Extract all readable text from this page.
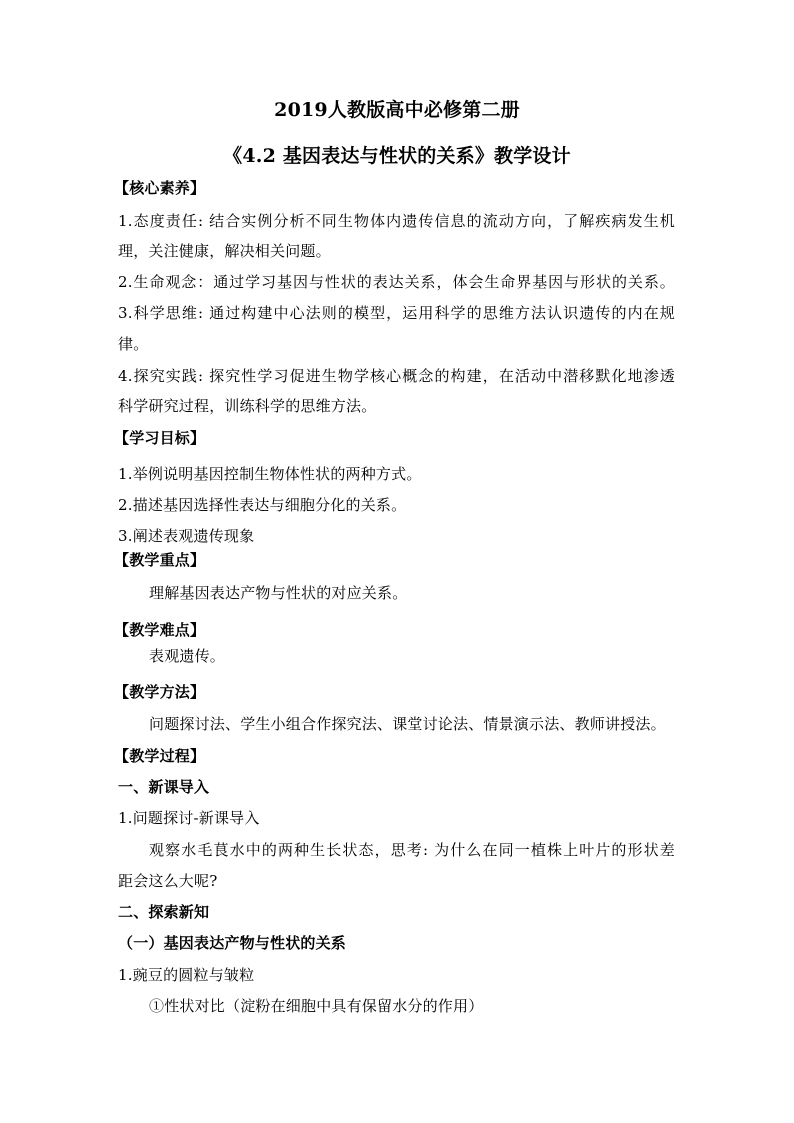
2019人教版高中必修第二册
《4.2 基因表达与性状的关系》教学设计
【核心素养】
1.态度责任: 结合实例分析不同生物体内遗传信息的流动方向，了解疾病发生机
理，关注健康，解决相关问题。
2.生命观念：通过学习基因与性状的表达关系，体会生命界基因与形状的关系。
3.科学思维: 通过构建中心法则的模型，运用科学的思维方法认识遗传的内在规
律。
4.探究实践: 探究性学习促进生物学核心概念的构建，在活动中潜移默化地渗透
科学研究过程，训练科学的思维方法。
【学习目标】
1.举例说明基因控制生物体性状的两种方式。
2.描述基因选择性表达与细胞分化的关系。
3.阐述表观遗传现象
【教学重点】
理解基因表达产物与性状的对应关系。
【教学难点】
表观遗传。
【教学方法】
问题探讨法、学生小组合作探究法、课堂讨论法、情景演示法、教师讲授法。
【教学过程】
一、新课导入
1.问题探讨-新课导入
观察水毛茛水中的两种生长状态，思考: 为什么在同一植株上叶片的形状差
距会这么大呢?
二、探索新知
（一）基因表达产物与性状的关系
1.豌豆的圆粒与皱粒
①性状对比（淀粉在细胞中具有保留水分的作用）
